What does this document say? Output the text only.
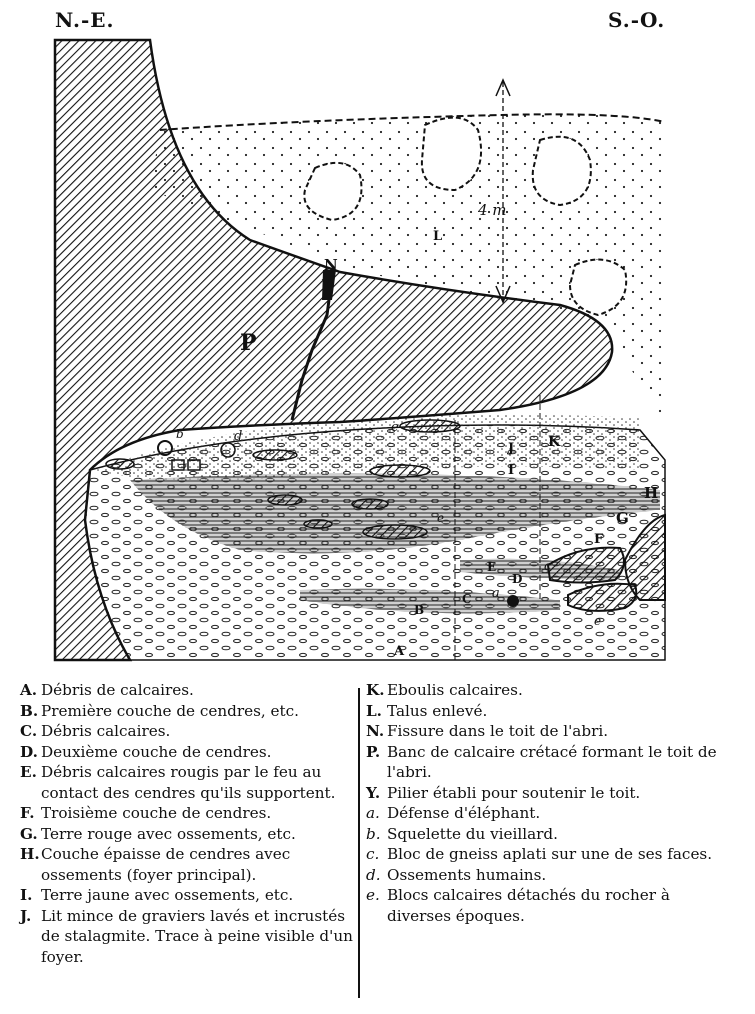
N.-E.	S.-O.
L
4 m
N
Y
P
K
J
I
H
G
F
E
D
C
B
A
a
b
c
d
e
e
e
A. Débris de calcaires.
B. Première couche de cendres, etc.
C. Débris calcaires.
D. Deuxième couche de cendres.
E. Débris calcaires rougis par le feu au contact des cendres qu'ils supportent.
F. Troisième couche de cendres.
G. Terre rouge avec ossements, etc.
H. Couche épaisse de cendres avec ossements (foyer principal).
I. Terre jaune avec ossements, etc.
J. Lit mince de graviers lavés et incrustés de stalagmite. Trace à peine visible d'un foyer.
K. Eboulis calcaires.
L. Talus enlevé.
N. Fissure dans le toit de l'abri.
P. Banc de calcaire crétacé formant le toit de l'abri.
Y. Pilier établi pour soutenir le toit.
a. Défense d'éléphant.
b. Squelette du vieillard.
c. Bloc de gneiss aplati sur une de ses faces.
d. Ossements humains.
e. Blocs calcaires détachés du rocher à diverses époques.
